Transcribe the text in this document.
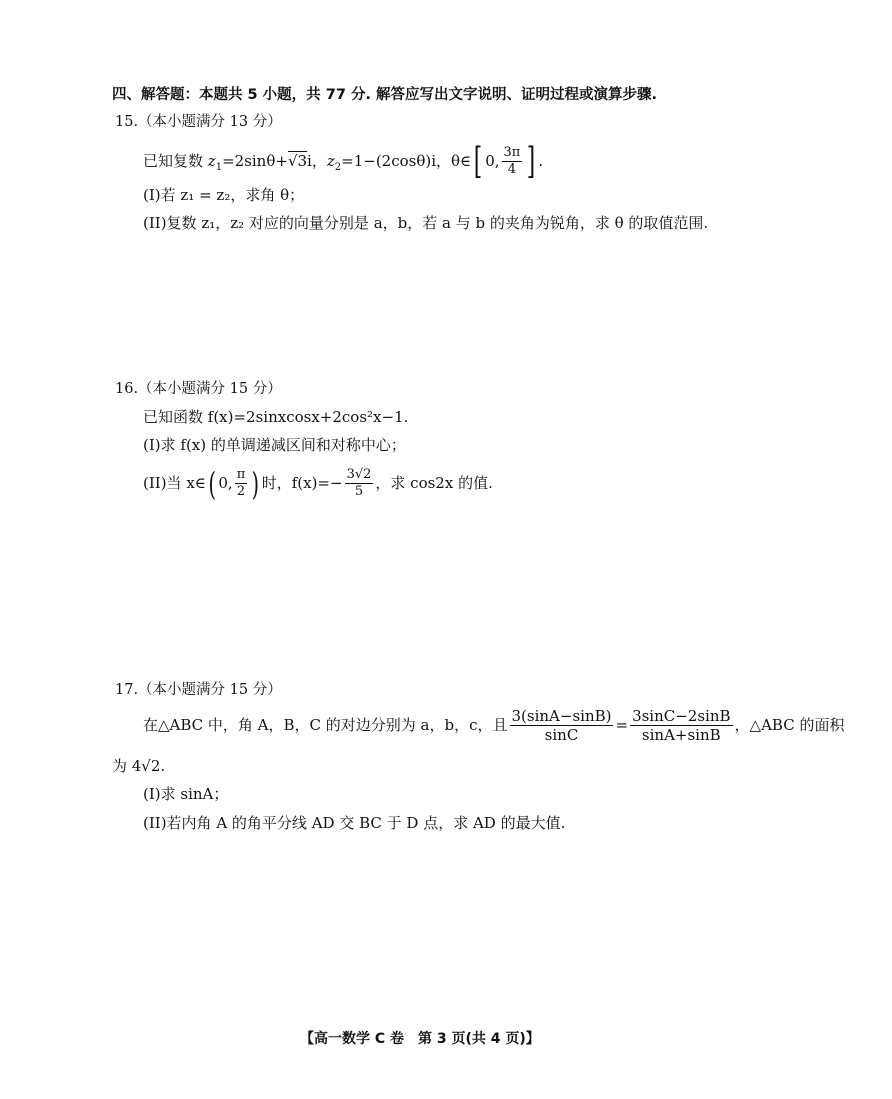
四、解答题：本题共 5 小题，共 77 分. 解答应写出文字说明、证明过程或演算步骤.
15.（本小题满分 13 分）
已知复数 $z_1=2\sin\theta+√3i$，$z_2=1-(2\cos\theta)i$，θ∈[ 0, $\frac{3\pi}{4}$ ] .
(I)若 z₁ = z₂，求角 θ；
(II)复数 z₁，z₂ 对应的向量分别是 a，b，若 a 与 b 的夹角为锐角，求 θ 的取值范围.
16.（本小题满分 15 分）
已知函数 f(x)=2sinxcosx+2cos²x−1.
(I)求 f(x) 的单调递减区间和对称中心；
(II)当 x∈( 0, $\frac{\pi}{2}$ ) 时，$f(x)=- \frac{3√2}{5}$ ，求 cos2x 的值.
17.（本小题满分 15 分）
在△ABC 中，角 A，B，C 的对边分别为 a，b，c，且 $\frac{3(\sin A-\sin B)}{\sin C} = \frac{3\sin C-2\sin B}{\sin A+\sin B}$ ，△ABC 的面积
为 4√2.
(I)求 sinA；
(II)若内角 A 的角平分线 AD 交 BC 于 D 点，求 AD 的最大值.
【高一数学 C 卷　第 3 页(共 4 页)】
